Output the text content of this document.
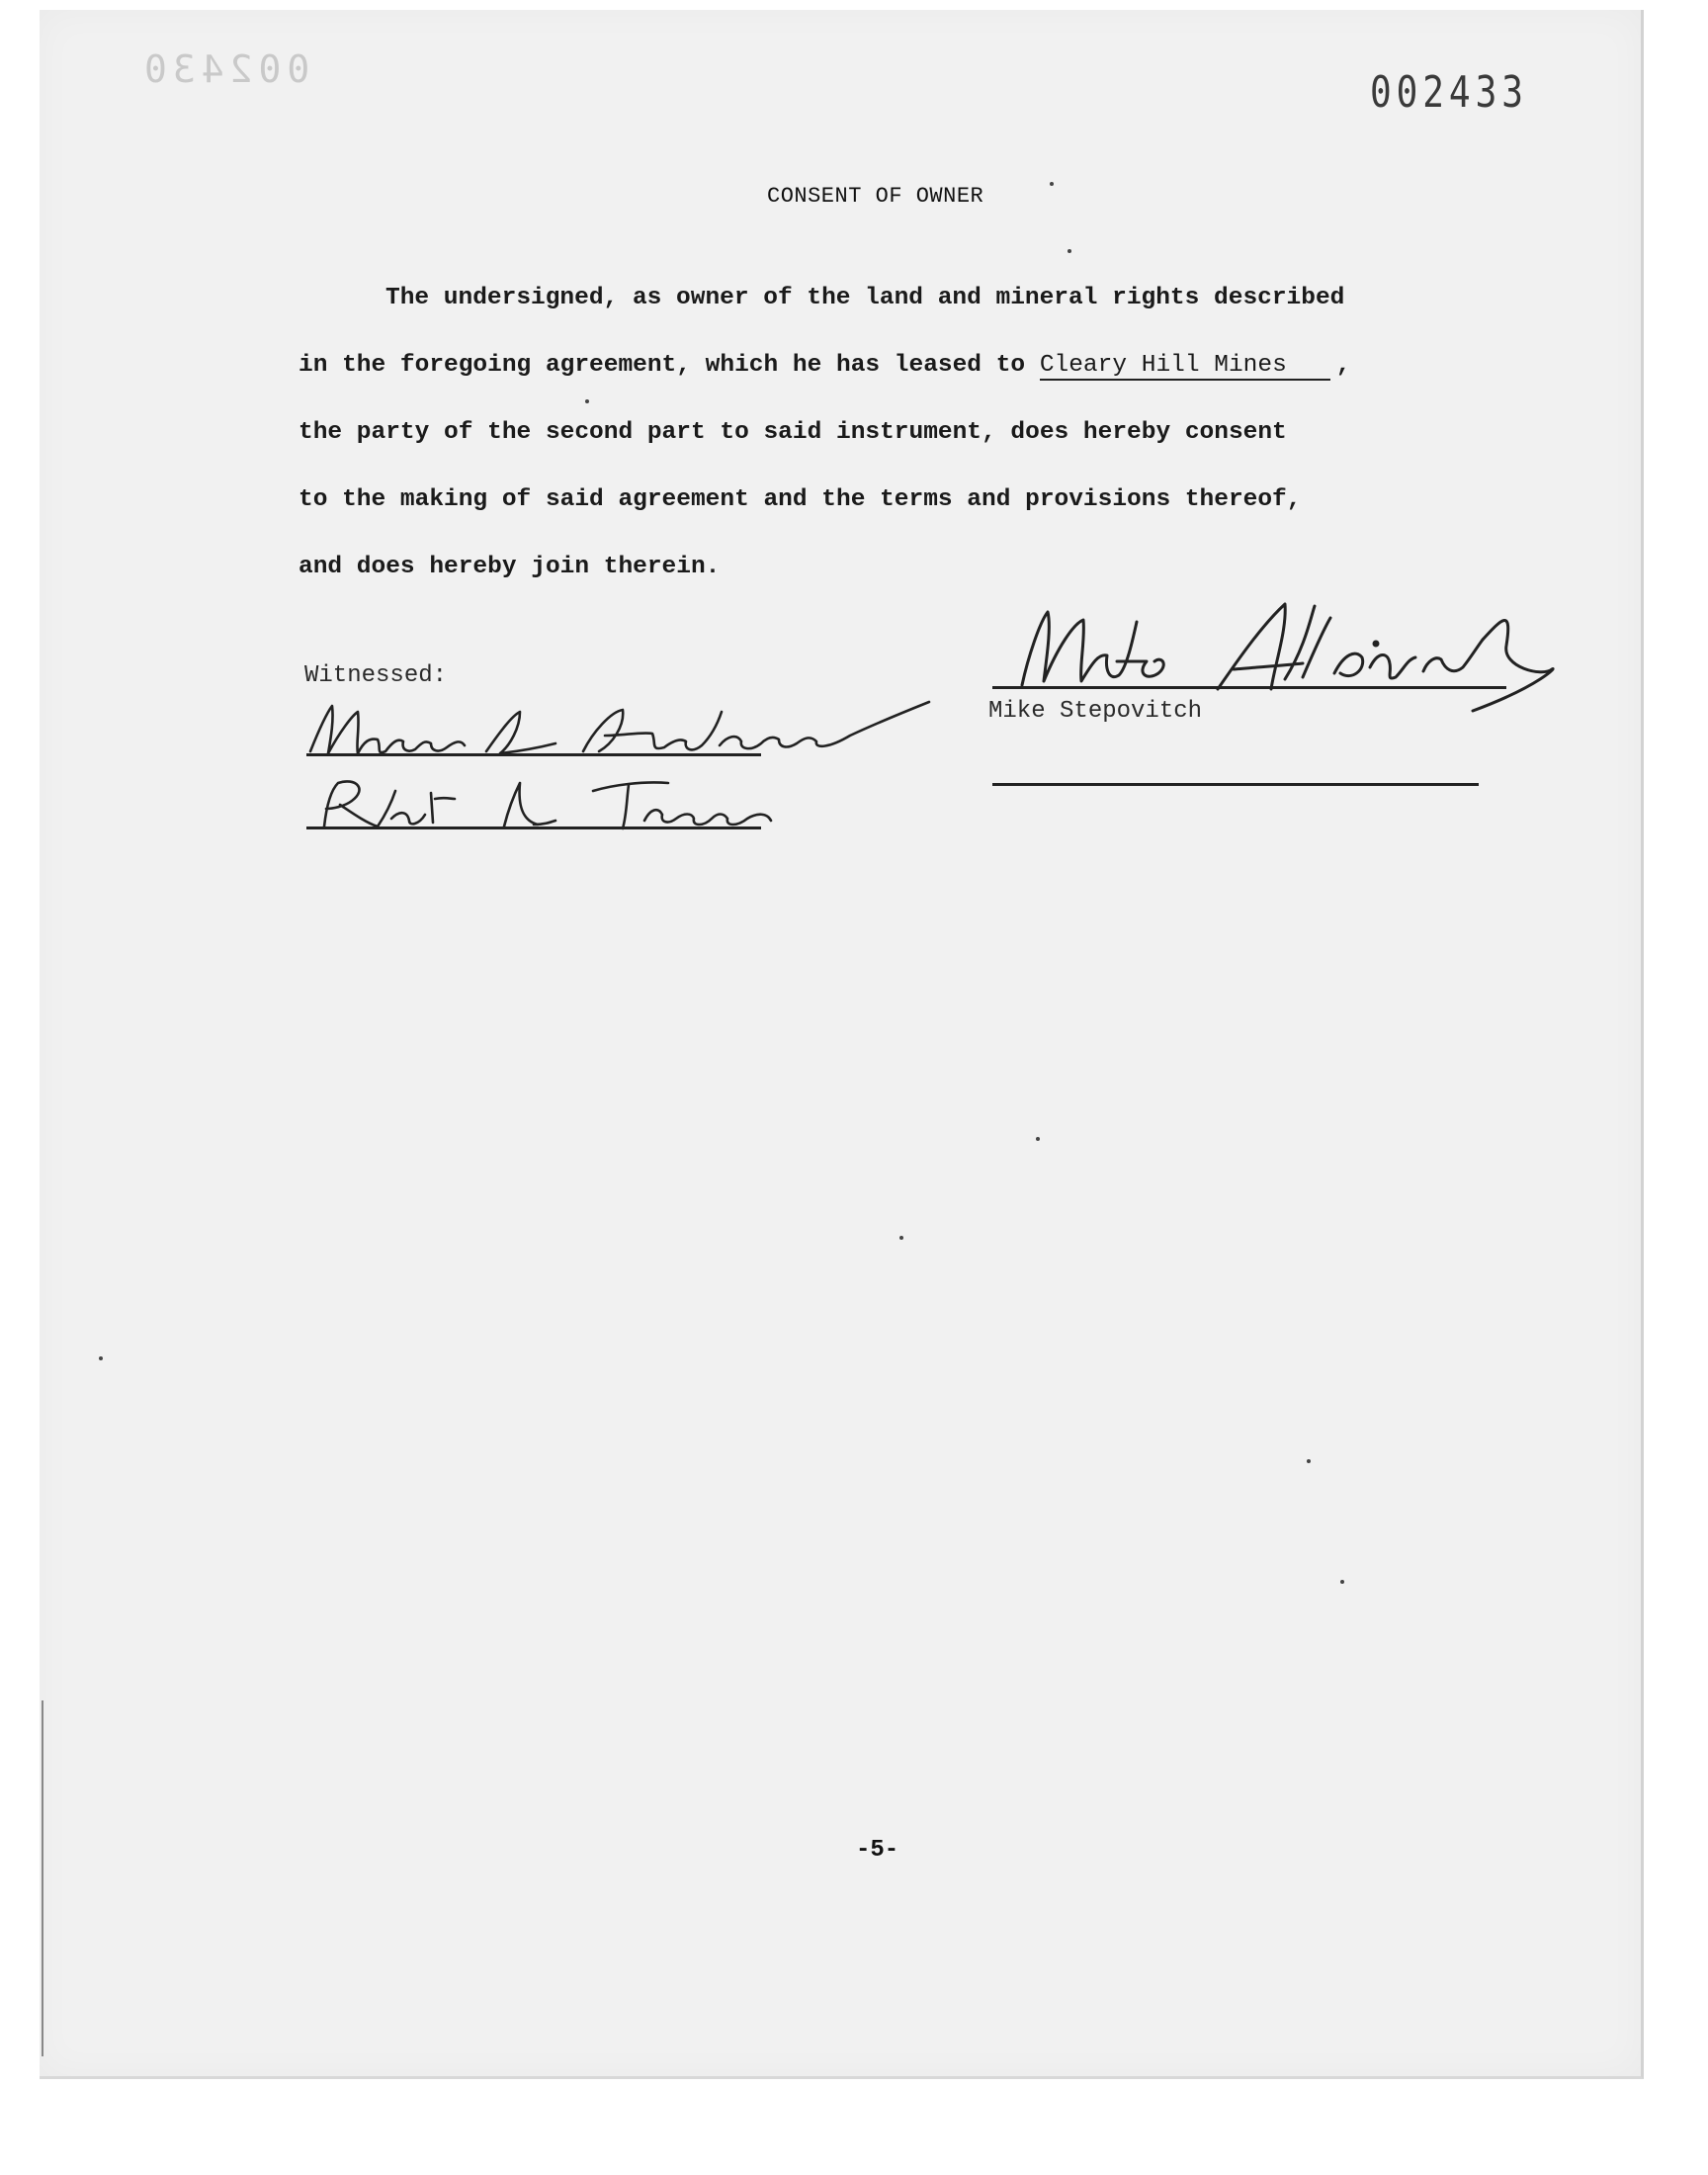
002430	002433
CONSENT OF OWNER
The undersigned, as owner of the land and mineral rights described
in the foregoing agreement, which he has leased to Cleary Hill Mines ,
the party of the second part to said instrument, does hereby consent
to the making of said agreement and the terms and provisions thereof,
and does hereby join therein.
Witnessed:
Mike Stepovitch
-5-
